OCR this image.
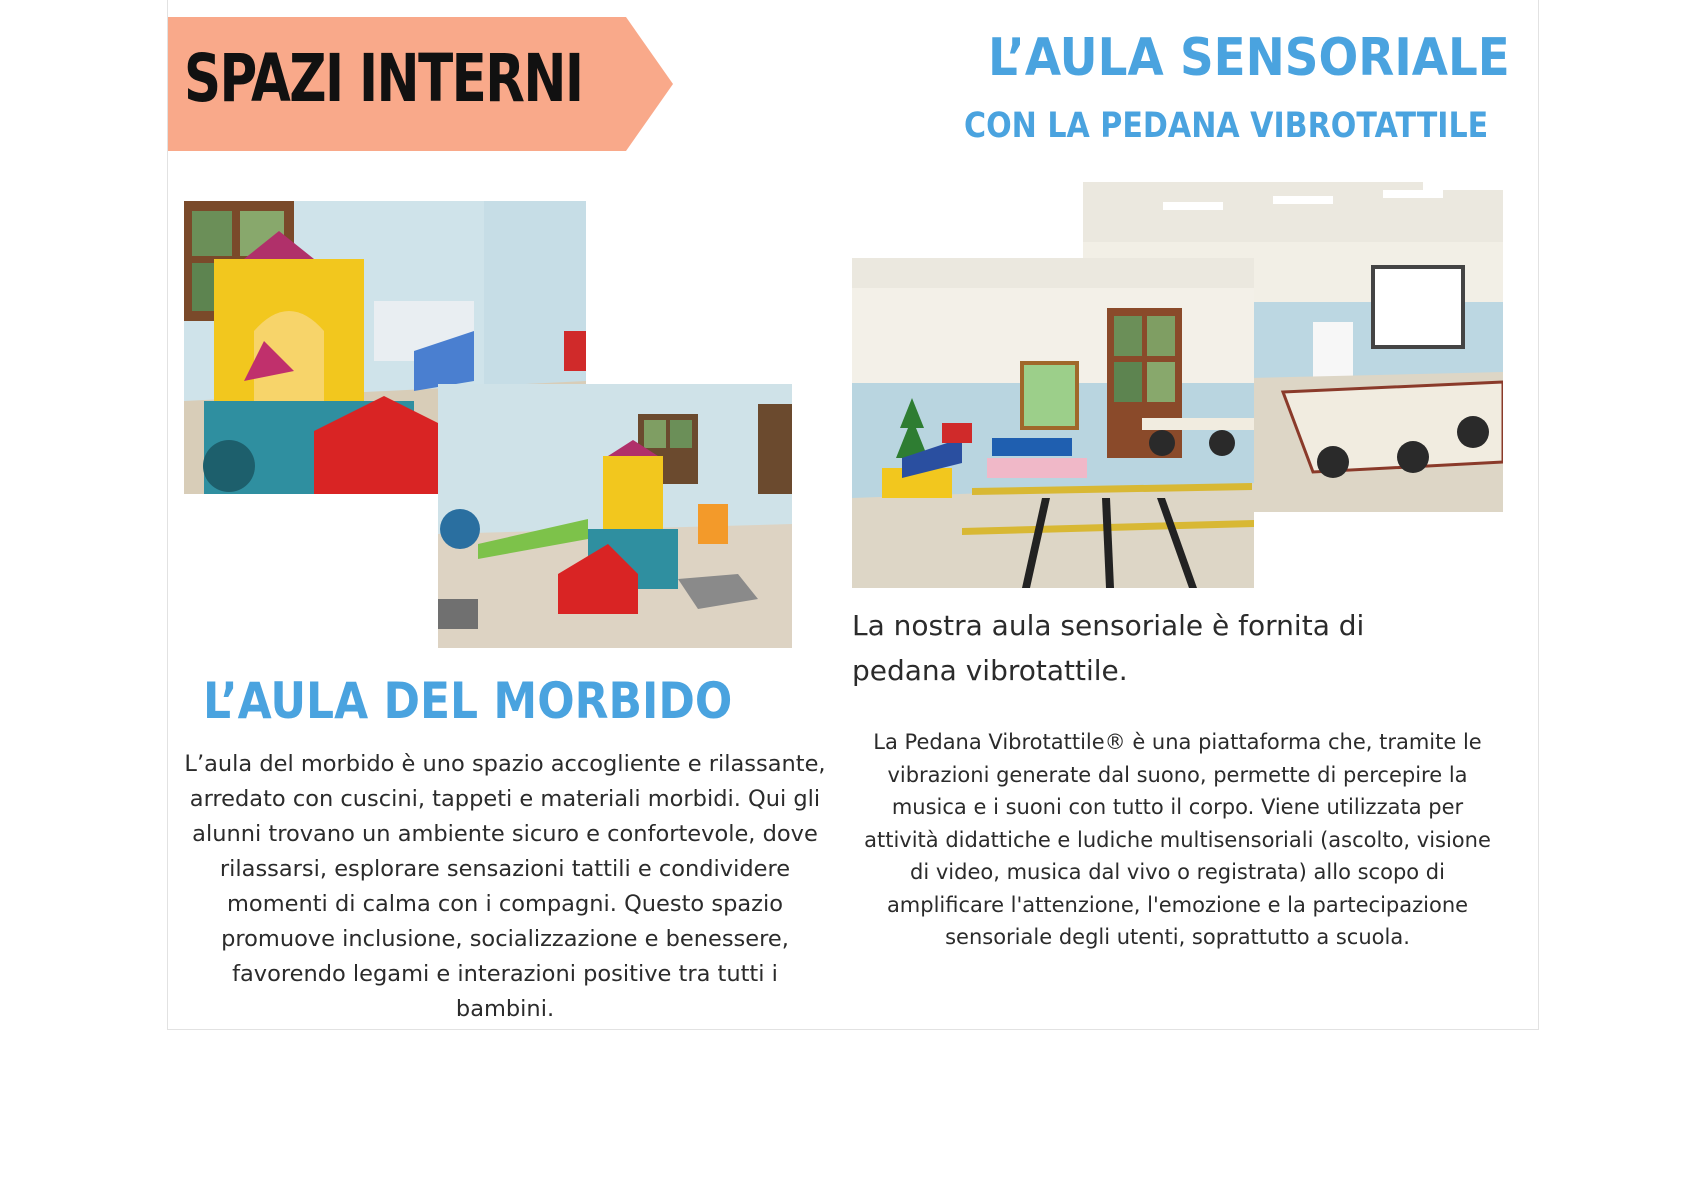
SPAZI INTERNI	L’AULA SENSORIALE
CON LA PEDANA VIBROTATTILE
La nostra aula sensoriale è fornita di pedana vibrotattile.
La Pedana Vibrotattile® è una piattaforma che, tramite le vibrazioni generate dal suono, permette di percepire la musica e i suoni con tutto il corpo. Viene utilizzata per attività didattiche e ludiche multisensoriali (ascolto, visione di video, musica dal vivo o registrata) allo scopo di amplificare l'attenzione, l'emozione e la partecipazione sensoriale degli utenti, soprattutto a scuola.
L’AULA DEL MORBIDO
L’aula del morbido è uno spazio accogliente e rilassante, arredato con cuscini, tappeti e materiali morbidi. Qui gli alunni trovano un ambiente sicuro e confortevole, dove rilassarsi, esplorare sensazioni tattili e condividere momenti di calma con i compagni. Questo spazio promuove inclusione, socializzazione e benessere, favorendo legami e interazioni positive tra tutti i bambini.
